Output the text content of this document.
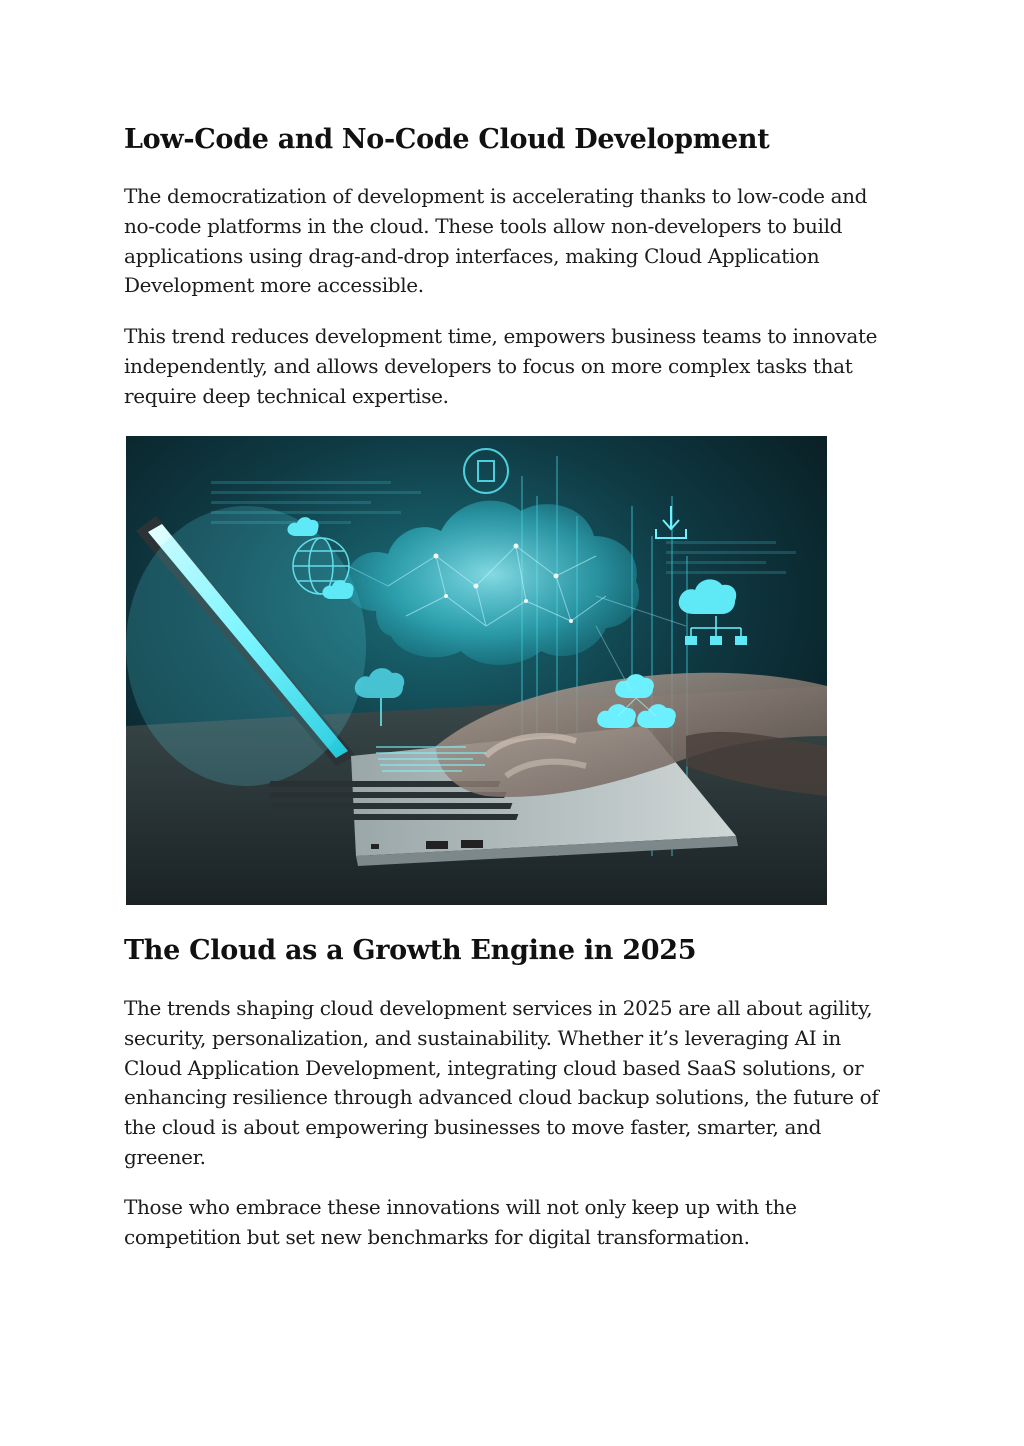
Low-Code and No-Code Cloud Development

The democratization of development is accelerating thanks to low-code and no-code platforms in the cloud. These tools allow non-developers to build applications using drag-and-drop interfaces, making Cloud Application Development more accessible.

This trend reduces development time, empowers business teams to innovate independently, and allows developers to focus on more complex tasks that require deep technical expertise.

The Cloud as a Growth Engine in 2025

The trends shaping cloud development services in 2025 are all about agility, security, personalization, and sustainability. Whether it’s leveraging AI in Cloud Application Development, integrating cloud based SaaS solutions, or enhancing resilience through advanced cloud backup solutions, the future of the cloud is about empowering businesses to move faster, smarter, and greener.

Those who embrace these innovations will not only keep up with the competition but set new benchmarks for digital transformation.
